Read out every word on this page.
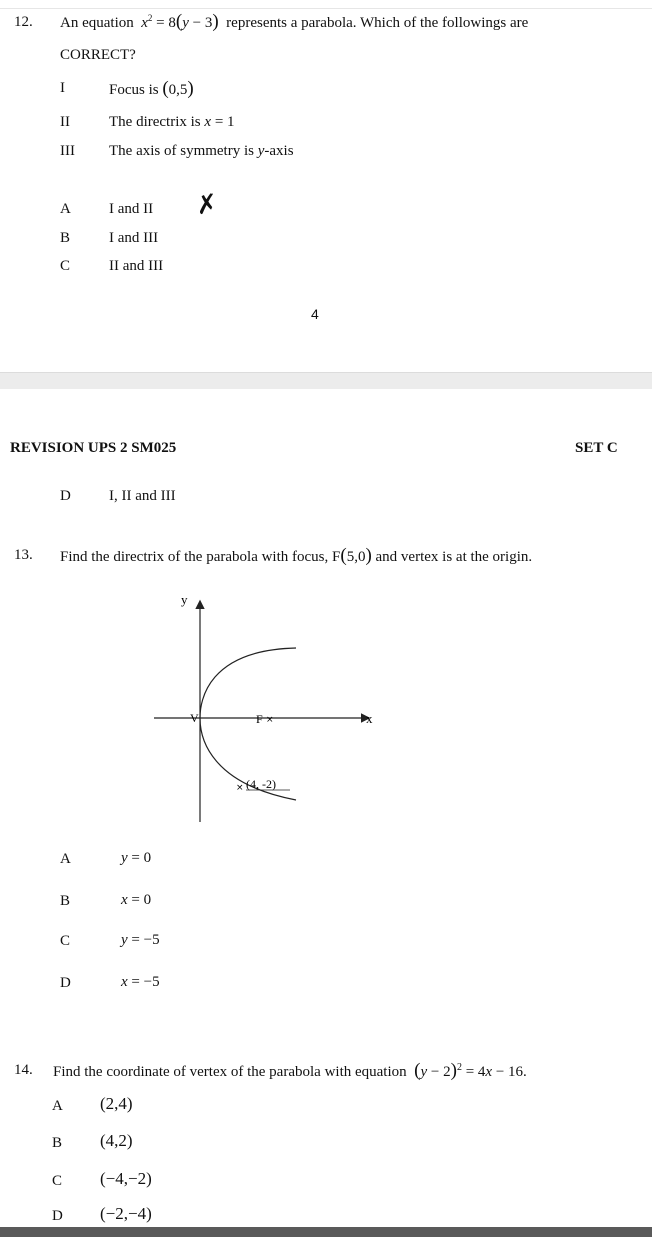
12. An equation $x^2 = 8(y - 3)$ represents a parabola. Which of the followings are
CORRECT?
I	Focus is (0,5)
II	The directrix is x = 1
III The axis of symmetry is y-axis
A	I and II ✗
B	I and III
C	II and III
4
REVISION UPS 2 SM025	SET C
D	I, II and III
13. Find the directrix of the parabola with focus, F(5,0) and vertex is at the origin.
y
x
V	F ×
× (4, -2)
A	y = 0
B	x = 0
C	y = −5
D	x = −5
14. Find the coordinate of vertex of the parabola with equation $(y - 2)^2 = 4x - 16$.
A (2,4)
B (4,2)
C (−4,−2)
D (−2,−4)
